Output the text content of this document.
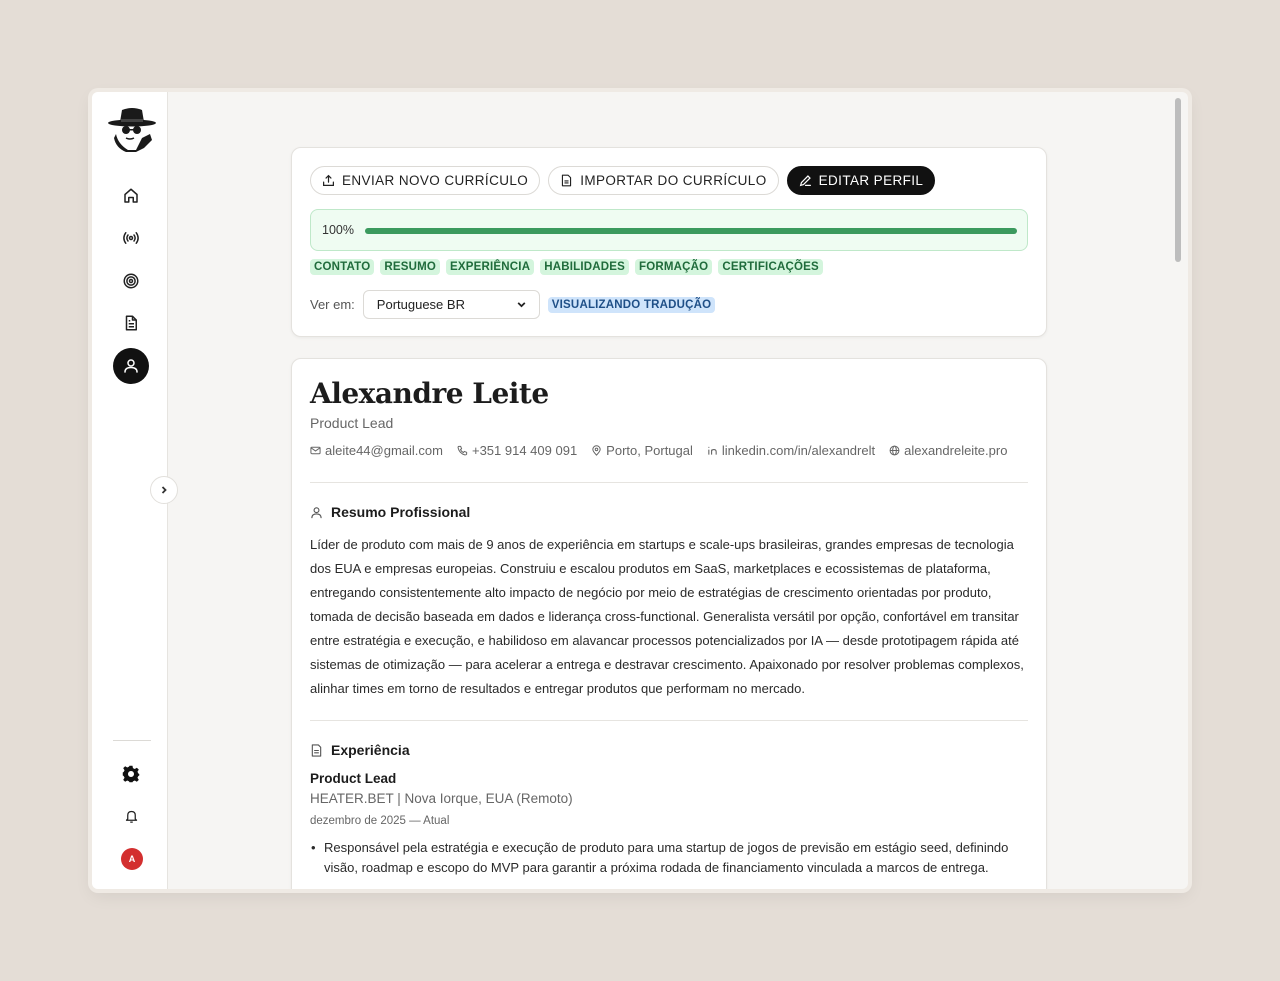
A
ENVIAR NOVO CURRÍCULO	IMPORTAR DO CURRÍCULO	EDITAR PERFIL
100%
CONTATO	RESUMO	EXPERIÊNCIA	HABILIDADES	FORMAÇÃO	CERTIFICAÇÕES
Ver em: Portuguese BR	VISUALIZANDO TRADUÇÃO
Alexandre Leite
Product Lead
aleite44@gmail.com +351 914 409 091 Porto, Portugal linkedin.com/in/alexandrelt alexandreleite.pro
Resumo Profissional

Líder de produto com mais de 9 anos de experiência em startups e scale-ups brasileiras, grandes empresas de tecnologia dos EUA e empresas europeias. Construiu e escalou produtos em SaaS, marketplaces e ecossistemas de plataforma, entregando consistentemente alto impacto de negócio por meio de estratégias de crescimento orientadas por produto, tomada de decisão baseada em dados e liderança cross-functional. Generalista versátil por opção, confortável em transitar entre estratégia e execução, e habilidoso em alavancar processos potencializados por IA — desde prototipagem rápida até sistemas de otimização — para acelerar a entrega e destravar crescimento. Apaixonado por resolver problemas complexos, alinhar times em torno de resultados e entregar produtos que performam no mercado.

Experiência
Product Lead
HEATER.BET | Nova Iorque, EUA (Remoto)
dezembro de 2025 — Atual
• Responsável pela estratégia e execução de produto para uma startup de jogos de previsão em estágio seed, definindo visão, roadmap e escopo do MVP para garantir a próxima rodada de financiamento vinculada a marcos de entrega.
